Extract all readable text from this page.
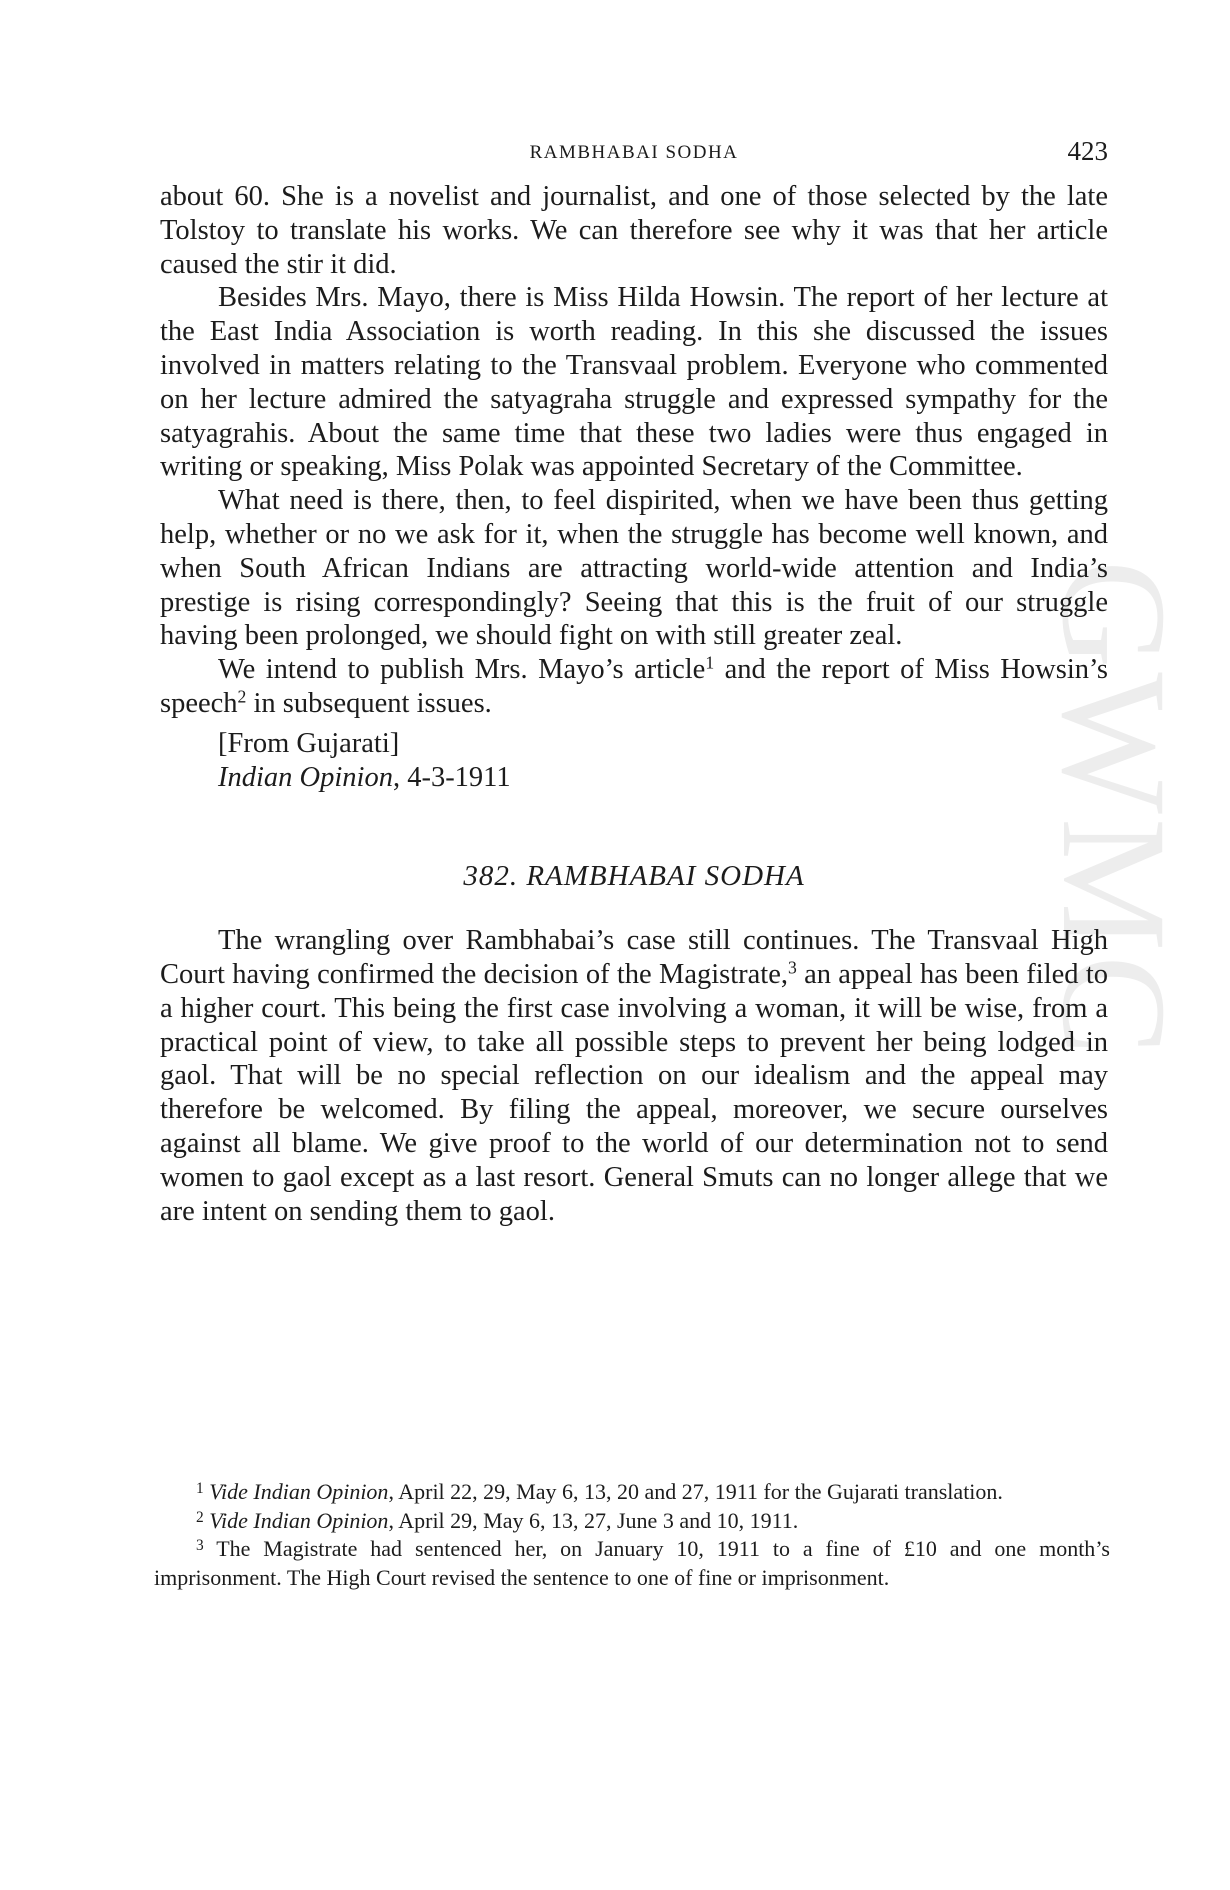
GWMC
RAMBHABAI SODHA	423

about 60. She is a novelist and journalist, and one of those selected by the late Tolstoy to translate his works. We can therefore see why it was that her article caused the stir it did.

Besides Mrs. Mayo, there is Miss Hilda Howsin. The report of her lecture at the East India Association is worth reading. In this she discussed the issues involved in matters relating to the Transvaal problem. Everyone who commented on her lecture admired the satyagraha struggle and expressed sympathy for the satyagrahis. About the same time that these two ladies were thus engaged in writing or speaking, Miss Polak was appointed Secretary of the Committee.

What need is there, then, to feel dispirited, when we have been thus getting help, whether or no we ask for it, when the struggle has become well known, and when South African Indians are attracting world-wide attention and India’s prestige is rising correspondingly? Seeing that this is the fruit of our struggle having been prolonged, we should fight on with still greater zeal.

We intend to publish Mrs. Mayo’s article$^1$ and the report of Miss Howsin’s speech$^2$ in subsequent issues.

[From Gujarati]

Indian Opinion, 4-3-1911

382. RAMBHABAI SODHA

The wrangling over Rambhabai’s case still continues. The Transvaal High Court having confirmed the decision of the Magistrate,$^3$ an appeal has been filed to a higher court. This being the first case involving a woman, it will be wise, from a practical point of view, to take all possible steps to prevent her being lodged in gaol. That will be no special reflection on our idealism and the appeal may therefore be welcomed. By filing the appeal, moreover, we secure ourselves against all blame. We give proof to the world of our determination not to send women to gaol except as a last resort. General Smuts can no longer allege that we are intent on sending them to gaol.

$^1$ Vide Indian Opinion, April 22, 29, May 6, 13, 20 and 27, 1911 for the Gujarati translation.

$^2$ Vide Indian Opinion, April 29, May 6, 13, 27, June 3 and 10, 1911.

$^3$ The Magistrate had sentenced her, on January 10, 1911 to a fine of £10 and one month’s imprisonment. The High Court revised the sentence to one of fine or imprisonment.
